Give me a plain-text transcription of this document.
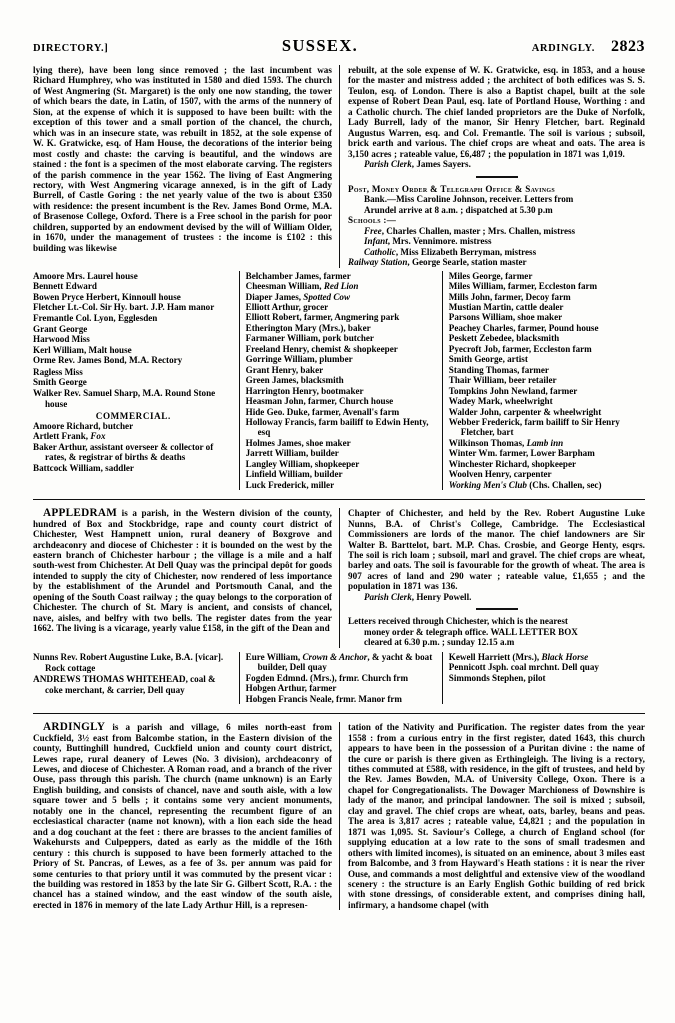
DIRECTORY.]	SUSSEX.	ARDINGLY. 2823

lying there), have been long since removed ; the last incumbent was Richard Humphrey, who was instituted in 1580 and died 1593. The church of West Angmering (St. Margaret) is the only one now standing, the tower of which bears the date, in Latin, of 1507, with the arms of the nunnery of Sion, at the expense of which it is supposed to have been built: with the exception of this tower and a small portion of the chancel, the church, which was in an insecure state, was rebuilt in 1852, at the sole expense of W. K. Gratwicke, esq. of Ham House, the decorations of the interior being most costly and chaste: the carving is beautiful, and the windows are stained : the font is a specimen of the most elaborate carving. The registers of the parish commence in the year 1562. The living of East Angmering rectory, with West Angmering vicarage annexed, is in the gift of Lady Burrell, of Castle Goring : the net yearly value of the two is about £350 with residence: the present incumbent is the Rev. James Bond Orme, M.A. of Brasenose College, Oxford. There is a Free school in the parish for poor children, supported by an endowment devised by the will of William Older, in 1670, under the management of trustees : the income is £102 : this building was likewise

rebuilt, at the sole expense of W. K. Gratwicke, esq. in 1853, and a house for the master and mistress added ; the architect of both edifices was S. S. Teulon, esq. of London. There is also a Baptist chapel, built at the sole expense of Robert Dean Paul, esq. late of Portland House, Worthing : and a Catholic church. The chief landed proprietors are the Duke of Norfolk, Lady Burrell, lady of the manor, Sir Henry Fletcher, bart. Reginald Augustus Warren, esq. and Col. Fremantle. The soil is various ; subsoil, brick earth and various. The chief crops are wheat and oats. The area is 3,150 acres ; rateable value, £6,487 ; the population in 1871 was 1,019.

Parish Clerk, James Sayers.

Post, Money Order & Telegraph Office & Savings
Bank.—Miss Caroline Johnson, receiver. Letters from
Arundel arrive at 8 a.m. ; dispatched at 5.30 p.m
Schools :—
Free, Charles Challen, master ; Mrs. Challen, mistress
Infant, Mrs. Vennimore. mistress
Catholic, Miss Elizabeth Berryman, mistress
Railway Station, George Searle, station master

Amoore Mrs. Laurel house

Bennett Edward

Bowen Pryce Herbert, Kinnoull house

Fletcher Lt.-Col. Sir Hy. bart. J.P. Ham manor

Fremantle Col. Lyon, Egglesden

Grant George

Harwood Miss

Kerl William, Malt house

Orme Rev. James Bond, M.A. Rectory

Ragless Miss

Smith George

Walker Rev. Samuel Sharp, M.A. Round Stone house

COMMERCIAL.

Amoore Richard, butcher

Artlett Frank, Fox

Baker Arthur, assistant overseer & collector of rates, & registrar of births & deaths

Battcock William, saddler

Belchamber James, farmer

Cheesman William, Red Lion

Diaper James, Spotted Cow

Elliott Arthur, grocer

Elliott Robert, farmer, Angmering park

Etherington Mary (Mrs.), baker

Farmaner William, pork butcher

Freeland Henry, chemist & shopkeeper

Gorringe William, plumber

Grant Henry, baker

Green James, blacksmith

Harrington Henry, bootmaker

Heasman John, farmer, Church house

Hide Geo. Duke, farmer, Avenall's farm

Holloway Francis, farm bailiff to Edwin Henty, esq

Holmes James, shoe maker

Jarrett William, builder

Langley William, shopkeeper

Linfield William, builder

Luck Frederick, miller

Miles George, farmer

Miles William, farmer, Eccleston farm

Mills John, farmer, Decoy farm

Mustian Martin, cattle dealer

Parsons William, shoe maker

Peachey Charles, farmer, Pound house

Peskett Zebedee, blacksmith

Pyecroft Job, farmer, Eccleston farm

Smith George, artist

Standing Thomas, farmer

Thair William, beer retailer

Tompkins John Newland, farmer

Wadey Mark, wheelwright

Walder John, carpenter & wheelwright

Webber Frederick, farm bailiff to Sir Henry Fletcher, bart

Wilkinson Thomas, Lamb inn

Winter Wm. farmer, Lower Barpham

Winchester Richard, shopkeeper

Woolven Henry, carpenter

Working Men's Club (Chs. Challen, sec)

APPLEDRAM is a parish, in the Western division of the county, hundred of Box and Stockbridge, rape and county court district of Chichester, West Hampnett union, rural deanery of Boxgrove and archdeaconry and diocese of Chichester : it is bounded on the west by the eastern branch of Chichester harbour ; the village is a mile and a half south-west from Chichester. At Dell Quay was the principal depôt for goods intended to supply the city of Chichester, now rendered of less importance by the establishment of the Arundel and Portsmouth Canal, and the opening of the South Coast railway ; the quay belongs to the corporation of Chichester. The church of St. Mary is ancient, and consists of chancel, nave, aisles, and belfry with two bells. The register dates from the year 1662. The living is a vicarage, yearly value £158, in the gift of the Dean and

Chapter of Chichester, and held by the Rev. Robert Augustine Luke Nunns, B.A. of Christ's College, Cambridge. The Ecclesiastical Commissioners are lords of the manor. The chief landowners are Sir Walter B. Barttelot, bart. M.P. Chas. Crosbie, and George Henty, esqrs. The soil is rich loam ; subsoil, marl and gravel. The chief crops are wheat, barley and oats. The soil is favourable for the growth of wheat. The area is 907 acres of land and 290 water ; rateable value, £1,655 ; and the population in 1871 was 136.

Parish Clerk, Henry Powell.

Letters received through Chichester, which is the nearest
money order & telegraph office. WALL LETTER BOX
cleared at 6.30 p.m. ; sunday 12.15 a.m

Nunns Rev. Robert Augustine Luke, B.A. [vicar]. Rock cottage

ANDREWS THOMAS WHITEHEAD, coal & coke merchant, & carrier, Dell quay

Eure William, Crown & Anchor, & yacht & boat builder, Dell quay

Fogden Edmnd. (Mrs.), frmr. Church frm

Hobgen Arthur, farmer

Hobgen Francis Neale, frmr. Manor frm

Kewell Harriett (Mrs.), Black Horse

Pennicott Jsph. coal mrchnt. Dell quay

Simmonds Stephen, pilot

ARDINGLY is a parish and village, 6 miles north-east from Cuckfield, 3½ east from Balcombe station, in the Eastern division of the county, Buttinghill hundred, Cuckfield union and county court district, Lewes rape, rural deanery of Lewes (No. 3 division), archdeaconry of Lewes, and diocese of Chichester. A Roman road, and a branch of the river Ouse, pass through this parish. The church (name unknown) is an Early English building, and consists of chancel, nave and south aisle, with a low square tower and 5 bells ; it contains some very ancient monuments, notably one in the chancel, representing the recumbent figure of an ecclesiastical character (name not known), with a lion each side the head and a dog couchant at the feet : there are brasses to the ancient families of Wakehursts and Culpeppers, dated as early as the middle of the 16th century : this church is supposed to have been formerly attached to the Priory of St. Pancras, of Lewes, as a fee of 3s. per annum was paid for some centuries to that priory until it was commuted by the present vicar : the building was restored in 1853 by the late Sir G. Gilbert Scott, R.A. : the chancel has a stained window, and the east window of the south aisle, erected in 1876 in memory of the late Lady Arthur Hill, is a represen-

tation of the Nativity and Purification. The register dates from the year 1558 : from a curious entry in the first register, dated 1643, this church appears to have been in the possession of a Puritan divine : the name of the cure or parish is there given as Erthingleigh. The living is a rectory, tithes commuted at £588, with residence, in the gift of trustees, and held by the Rev. James Bowden, M.A. of University College, Oxon. There is a chapel for Congregationalists. The Dowager Marchioness of Downshire is lady of the manor, and principal landowner. The soil is mixed ; subsoil, clay and gravel. The chief crops are wheat, oats, barley, beans and peas. The area is 3,817 acres ; rateable value, £4,821 ; and the population in 1871 was 1,095. St. Saviour's College, a church of England school (for supplying education at a low rate to the sons of small tradesmen and others with limited incomes), is situated on an eminence, about 3 miles east from Balcombe, and 3 from Hayward's Heath stations : it is near the river Ouse, and commands a most delightful and extensive view of the woodland scenery : the structure is an Early English Gothic building of red brick with stone dressings, of considerable extent, and comprises dining hall, infirmary, a handsome chapel (with
